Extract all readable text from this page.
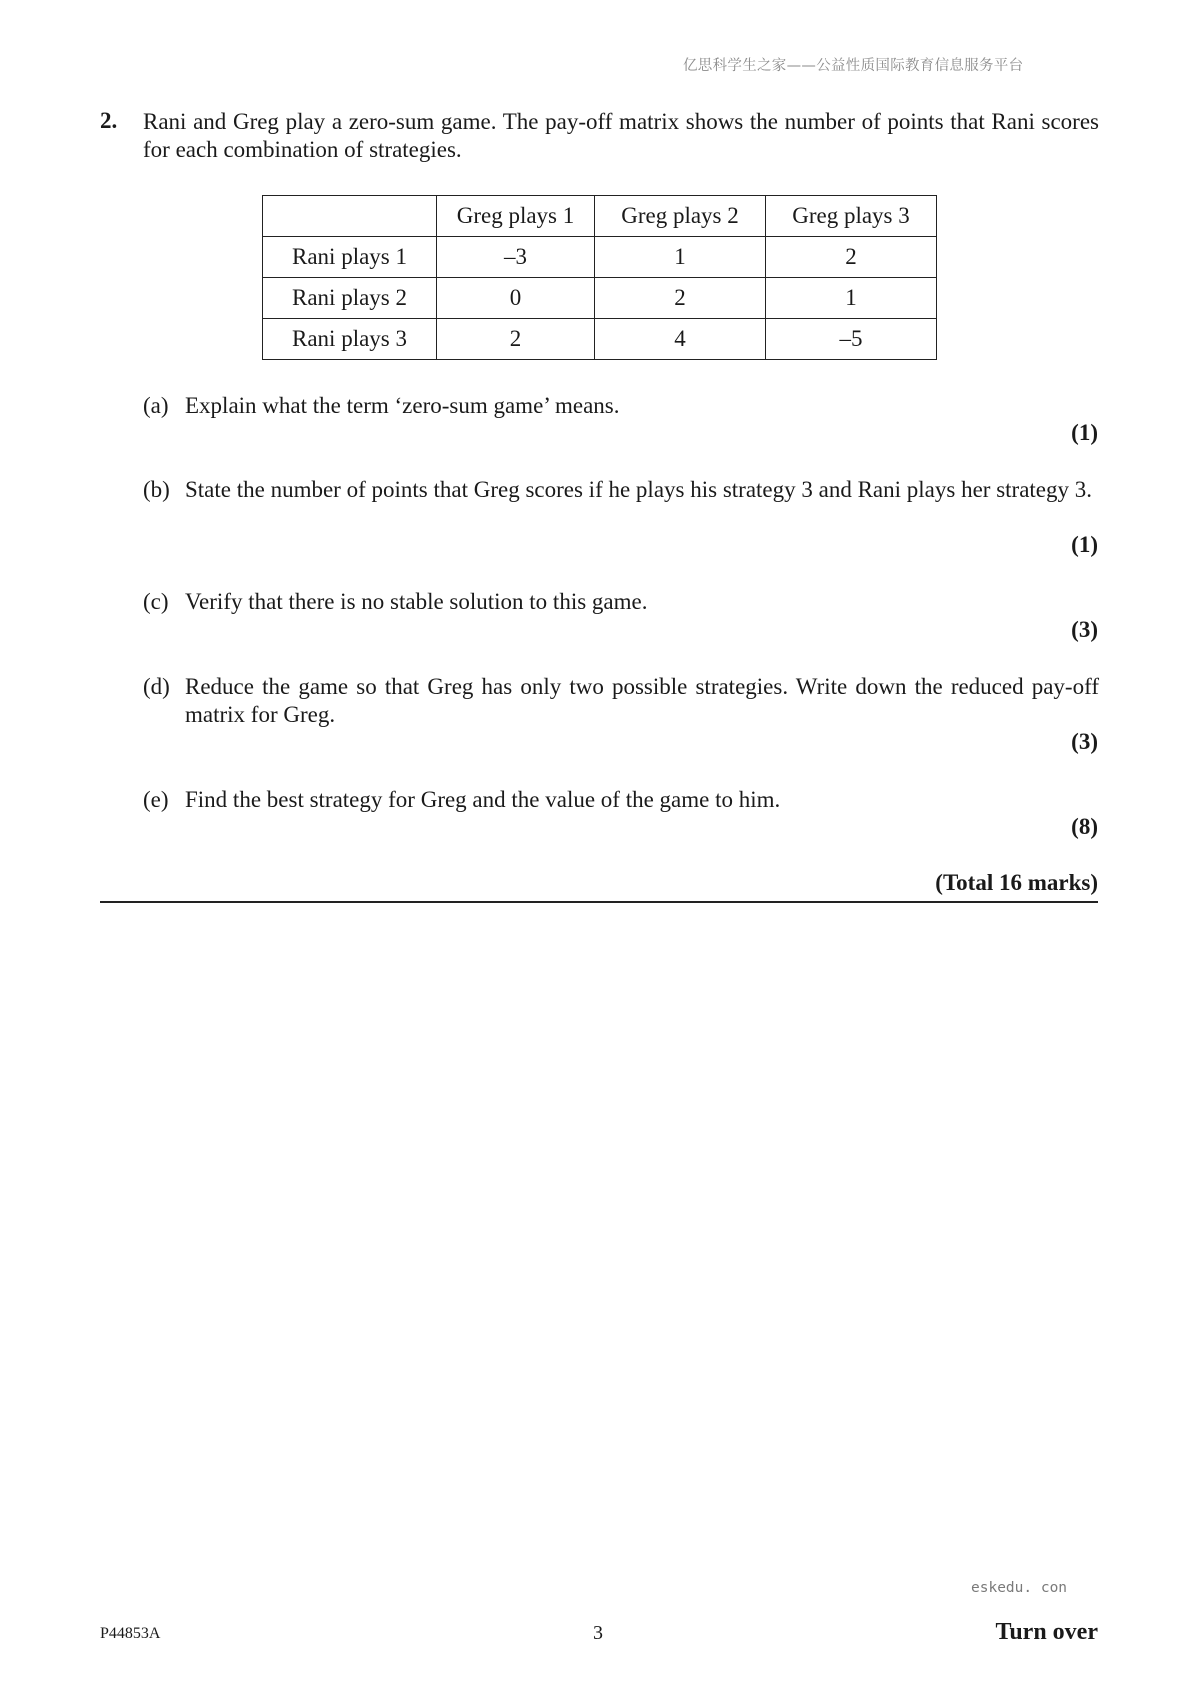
亿思科学生之家——公益性质国际教育信息服务平台
2. Rani and Greg play a zero-sum game. The pay-off matrix shows the number of points that Rani scores for each combination of strategies.
	Greg plays 1	Greg plays 2	Greg plays 3
Rani plays 1	–3	1	2
Rani plays 2	0	2	1
Rani plays 3	2	4	–5
(a) Explain what the term ‘zero-sum game’ means.
(1)
(b) State the number of points that Greg scores if he plays his strategy 3 and Rani plays her strategy 3.
(1)
(c) Verify that there is no stable solution to this game.
(3)
(d) Reduce the game so that Greg has only two possible strategies. Write down the reduced pay-off matrix for Greg.
(3)
(e) Find the best strategy for Greg and the value of the game to him.
(8)
(Total 16 marks)
eskedu. con
P44853A	3	Turn over
